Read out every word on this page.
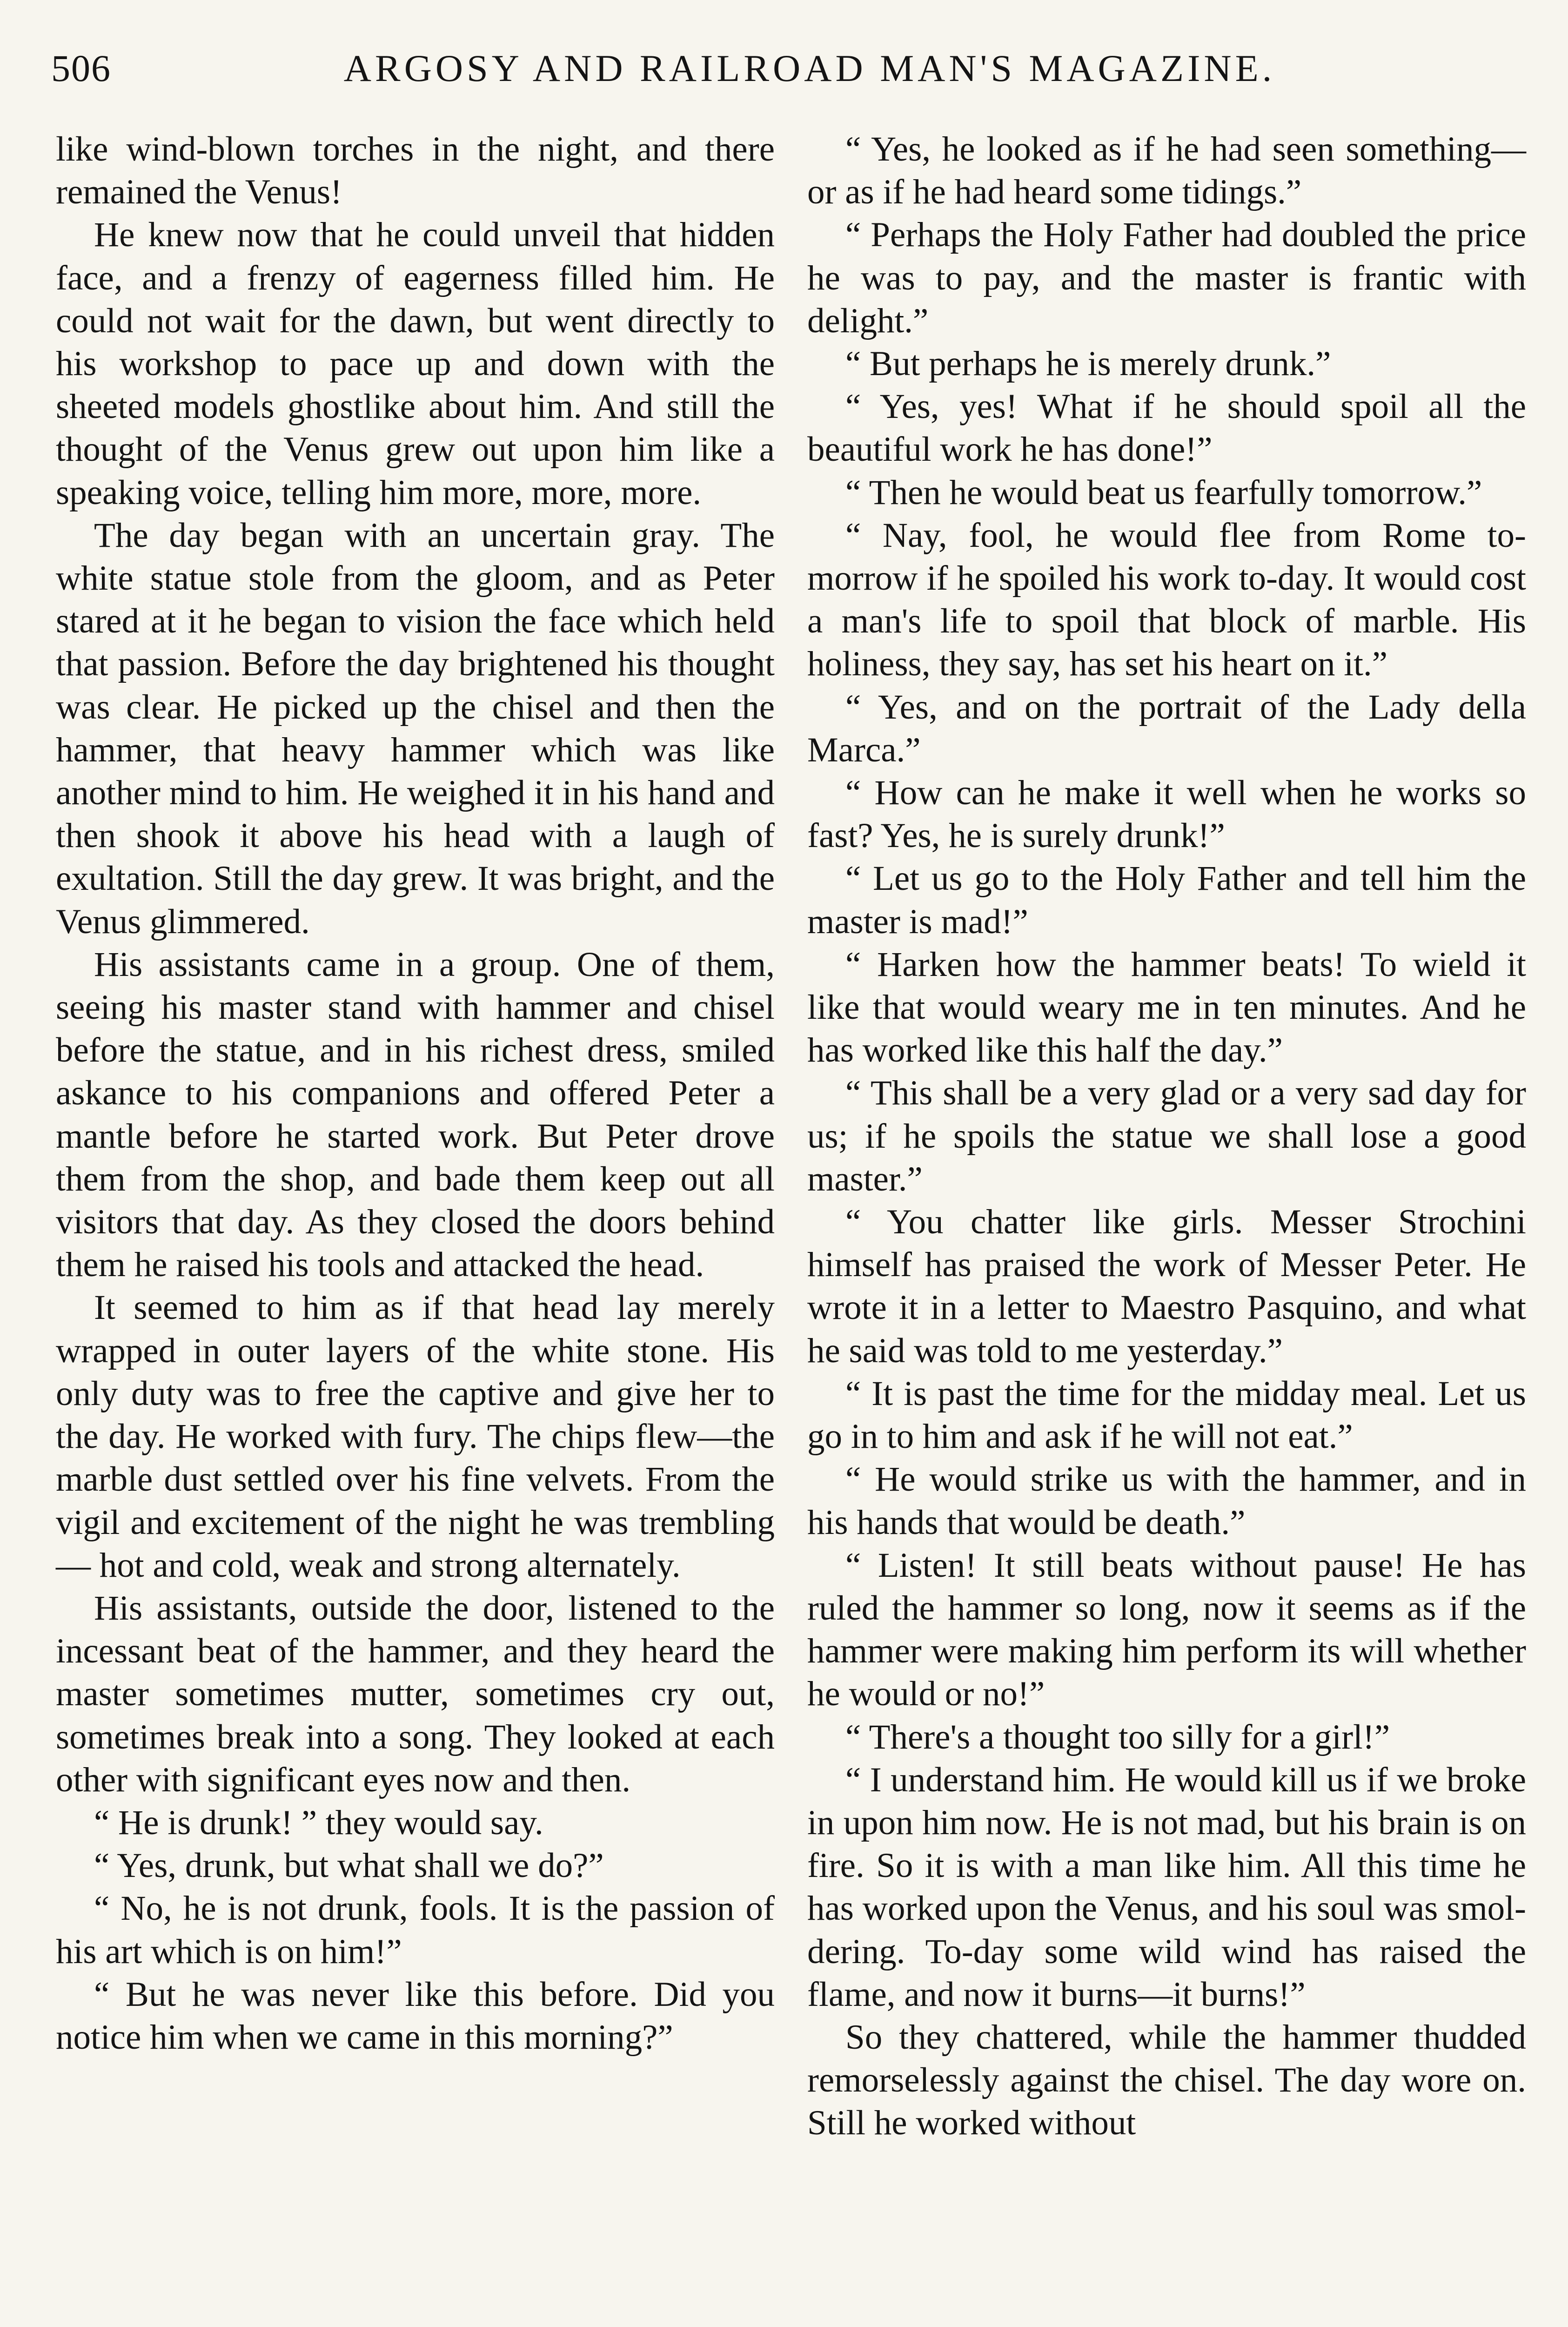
506	ARGOSY AND RAILROAD MAN'S MAGAZINE.

like wind-blown torches in the night, and there remained the Venus!

He knew now that he could unveil that hidden face, and a frenzy of eagerness filled him. He could not wait for the dawn, but went directly to his workshop to pace up and down with the sheeted models ghostlike about him. And still the thought of the Venus grew out upon him like a speaking voice, telling him more, more, more.

The day began with an uncertain gray. The white statue stole from the gloom, and as Peter stared at it he began to vision the face which held that passion. Before the day brightened his thought was clear. He picked up the chisel and then the hammer, that heavy hammer which was like another mind to him. He weighed it in his hand and then shook it above his head with a laugh of exultation. Still the day grew. It was bright, and the Venus glimmered.

His assistants came in a group. One of them, seeing his master stand with hammer and chisel before the statue, and in his richest dress, smiled askance to his companions and offered Peter a mantle before he started work. But Peter drove them from the shop, and bade them keep out all visitors that day. As they closed the doors behind them he raised his tools and attacked the head.

It seemed to him as if that head lay merely wrapped in outer layers of the white stone. His only duty was to free the captive and give her to the day. He worked with fury. The chips flew—the marble dust settled over his fine velvets. From the vigil and excitement of the night he was trembling — hot and cold, weak and strong alternately.

His assistants, outside the door, listened to the incessant beat of the hammer, and they heard the master sometimes mutter, sometimes cry out, sometimes break into a song. They looked at each other with significant eyes now and then.

“ He is drunk! ” they would say.

“ Yes, drunk, but what shall we do?”

“ No, he is not drunk, fools. It is the passion of his art which is on him!”

“ But he was never like this before. Did you notice him when we came in this morning?”

“ Yes, he looked as if he had seen something—or as if he had heard some tidings.”

“ Perhaps the Holy Father had doubled the price he was to pay, and the master is frantic with delight.”

“ But perhaps he is merely drunk.”

“ Yes, yes! What if he should spoil all the beautiful work he has done!”

“ Then he would beat us fearfully tomorrow.”

“ Nay, fool, he would flee from Rome to-morrow if he spoiled his work to-day. It would cost a man's life to spoil that block of marble. His holiness, they say, has set his heart on it.”

“ Yes, and on the portrait of the Lady della Marca.”

“ How can he make it well when he works so fast? Yes, he is surely drunk!”

“ Let us go to the Holy Father and tell him the master is mad!”

“ Harken how the hammer beats! To wield it like that would weary me in ten minutes. And he has worked like this half the day.”

“ This shall be a very glad or a very sad day for us; if he spoils the statue we shall lose a good master.”

“ You chatter like girls. Messer Strochini himself has praised the work of Messer Peter. He wrote it in a letter to Maestro Pasquino, and what he said was told to me yesterday.”

“ It is past the time for the midday meal. Let us go in to him and ask if he will not eat.”

“ He would strike us with the hammer, and in his hands that would be death.”

“ Listen! It still beats without pause! He has ruled the hammer so long, now it seems as if the hammer were making him perform its will whether he would or no!”

“ There's a thought too silly for a girl!”

“ I understand him. He would kill us if we broke in upon him now. He is not mad, but his brain is on fire. So it is with a man like him. All this time he has worked upon the Venus, and his soul was smoldering. To-day some wild wind has raised the flame, and now it burns—it burns!”

So they chattered, while the hammer thudded remorselessly against the chisel. The day wore on. Still he worked without
